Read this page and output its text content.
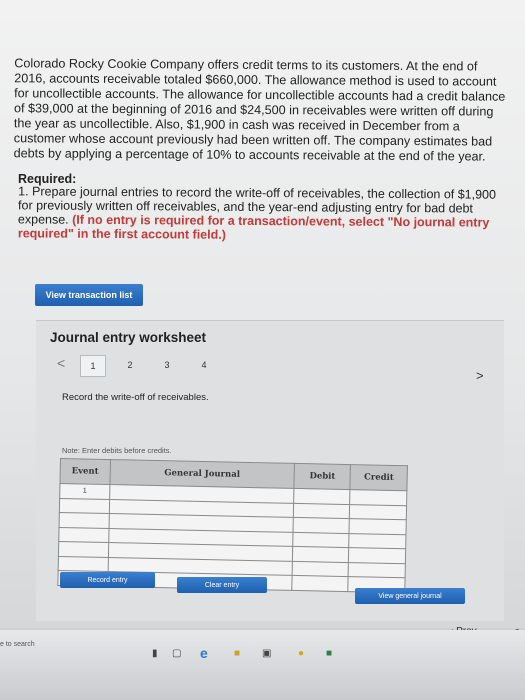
Colorado Rocky Cookie Company offers credit terms to its customers. At the end of 2016, accounts receivable totaled $660,000. The allowance method is used to account for uncollectible accounts. The allowance for uncollectible accounts had a credit balance of $39,000 at the beginning of 2016 and $24,500 in receivables were written off during the year as uncollectible. Also, $1,900 in cash was received in December from a customer whose account previously had been written off. The company estimates bad debts by applying a percentage of 10% to accounts receivable at the end of the year.
Required:
1. Prepare journal entries to record the write-off of receivables, the collection of $1,900 for previously written off receivables, and the year-end adjusting entry for bad debt expense. (If no entry is required for a transaction/event, select "No journal entry required" in the first account field.)
View transaction list
Journal entry worksheet
<	1	2	3	4
>
Record the write-off of receivables.
Note: Enter debits before credits.
Event	General Journal	Debit	Credit
1			

Record entry
Clear entry
View general journal
e to search
▮ ▢ e	■ ▣	● ■
